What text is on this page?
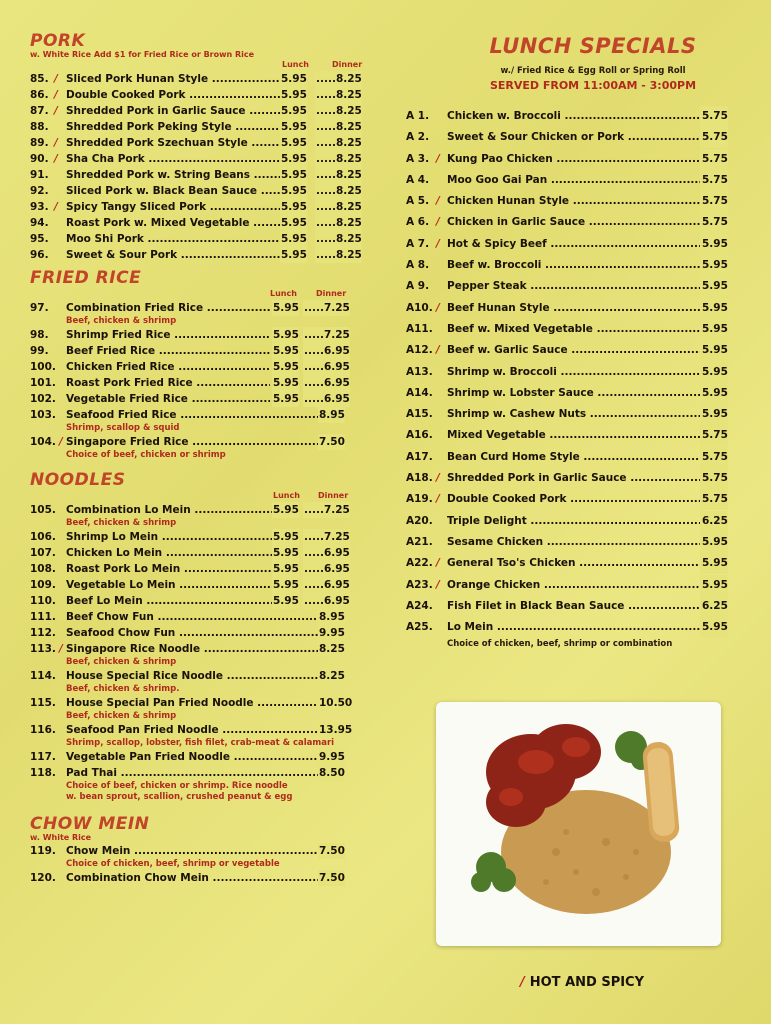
PORK
w. White Rice Add $1 for Fried Rice or Brown Rice
Lunch	Dinner
85. / Sliced Pork Hunan Style .....	5.95 .....8.25
86. / Double Cooked Pork .....	5.95 .....8.25
87. / Shredded Pork in Garlic Sauce .....	5.95 .....8.25
88.	Shredded Pork Peking Style .....	5.95 .....8.25
89. / Shredded Pork Szechuan Style .....	5.95 .....8.25
90. / Sha Cha Pork .....	5.95 .....8.25
91.	Shredded Pork w. String Beans .....	5.95 .....8.25
92.	Sliced Pork w. Black Bean Sauce .....	5.95 .....8.25
93. / Spicy Tangy Sliced Pork .....	5.95 .....8.25
94.	Roast Pork w. Mixed Vegetable .....	5.95 .....8.25
95.	Moo Shi Pork .....	5.95 .....8.25
96.	Sweet & Sour Pork .....	5.95 .....8.25
FRIED RICE
Lunch Dinner
97.	Combination Fried Rice .....	5.95 .....7.25
Beef, chicken & shrimp
98.	Shrimp Fried Rice .....	5.95 .....7.25
99.	Beef Fried Rice .....	5.95 .....6.95
100. Chicken Fried Rice .....	5.95 .....6.95
101. Roast Pork Fried Rice .....	5.95 .....6.95
102. Vegetable Fried Rice .....	5.95 .....6.95
103. Seafood Fried Rice .....	8.95
Shrimp, scallop & squid
104. / Singapore Fried Rice .....	7.50
Choice of beef, chicken or shrimp
NOODLES
Lunch Dinner
105. Combination Lo Mein .....	5.95 .....7.25
Beef, chicken & shrimp
106. Shrimp Lo Mein .....	5.95 .....7.25
107. Chicken Lo Mein .....	5.95 .....6.95
108. Roast Pork Lo Mein .....	5.95 .....6.95
109. Vegetable Lo Mein .....	5.95 .....6.95
110. Beef Lo Mein .....	5.95 .....6.95
111. Beef Chow Fun .....	8.95
112. Seafood Chow Fun .....	9.95
113. / Singapore Rice Noodle .....	8.25
Beef, chicken & shrimp
114. House Special Rice Noodle .....	8.25
Beef, chicken & shrimp.
115. House Special Pan Fried Noodle .....	10.50
Beef, chicken & shrimp
116. Seafood Pan Fried Noodle .....	13.95
Shrimp, scallop, lobster, fish filet, crab-meat & calamari
117. Vegetable Pan Fried Noodle .....	9.95
118. Pad Thai .....	8.50
Choice of beef, chicken or shrimp. Rice noodle
w. bean sprout, scallion, crushed peanut & egg
CHOW MEIN
w. White Rice
119. Chow Mein .....	7.50
Choice of chicken, beef, shrimp or vegetable
120. Combination Chow Mein .....	7.50
LUNCH SPECIALS
w./ Fried Rice & Egg Roll or Spring Roll
SERVED FROM 11:00AM - 3:00PM
A 1.	Chicken w. Broccoli .....	5.75
A 2.	Sweet & Sour Chicken or Pork .....	5.75
A 3. / Kung Pao Chicken .....	5.75
A 4.	Moo Goo Gai Pan .....	5.75
A 5. / Chicken Hunan Style .....	5.75
A 6. / Chicken in Garlic Sauce .....	5.75
A 7. / Hot & Spicy Beef .....	5.95
A 8.	Beef w. Broccoli .....	5.95
A 9.	Pepper Steak .....	5.95
A10. / Beef Hunan Style .....	5.95
A11.	Beef w. Mixed Vegetable .....	5.95
A12. / Beef w. Garlic Sauce .....	5.95
A13.	Shrimp w. Broccoli .....	5.95
A14.	Shrimp w. Lobster Sauce .....	5.95
A15.	Shrimp w. Cashew Nuts .....	5.95
A16.	Mixed Vegetable .....	5.75
A17.	Bean Curd Home Style .....	5.75
A18. / Shredded Pork in Garlic Sauce .....	5.75
A19. / Double Cooked Pork .....	5.75
A20.	Triple Delight .....	6.25
A21.	Sesame Chicken .....	5.95
A22. / General Tso's Chicken .....	5.95
A23. / Orange Chicken .....	5.95
A24.	Fish Filet in Black Bean Sauce .....	6.25
A25.	Lo Mein .....	5.95
Choice of chicken, beef, shrimp or combination
/ HOT AND SPICY
